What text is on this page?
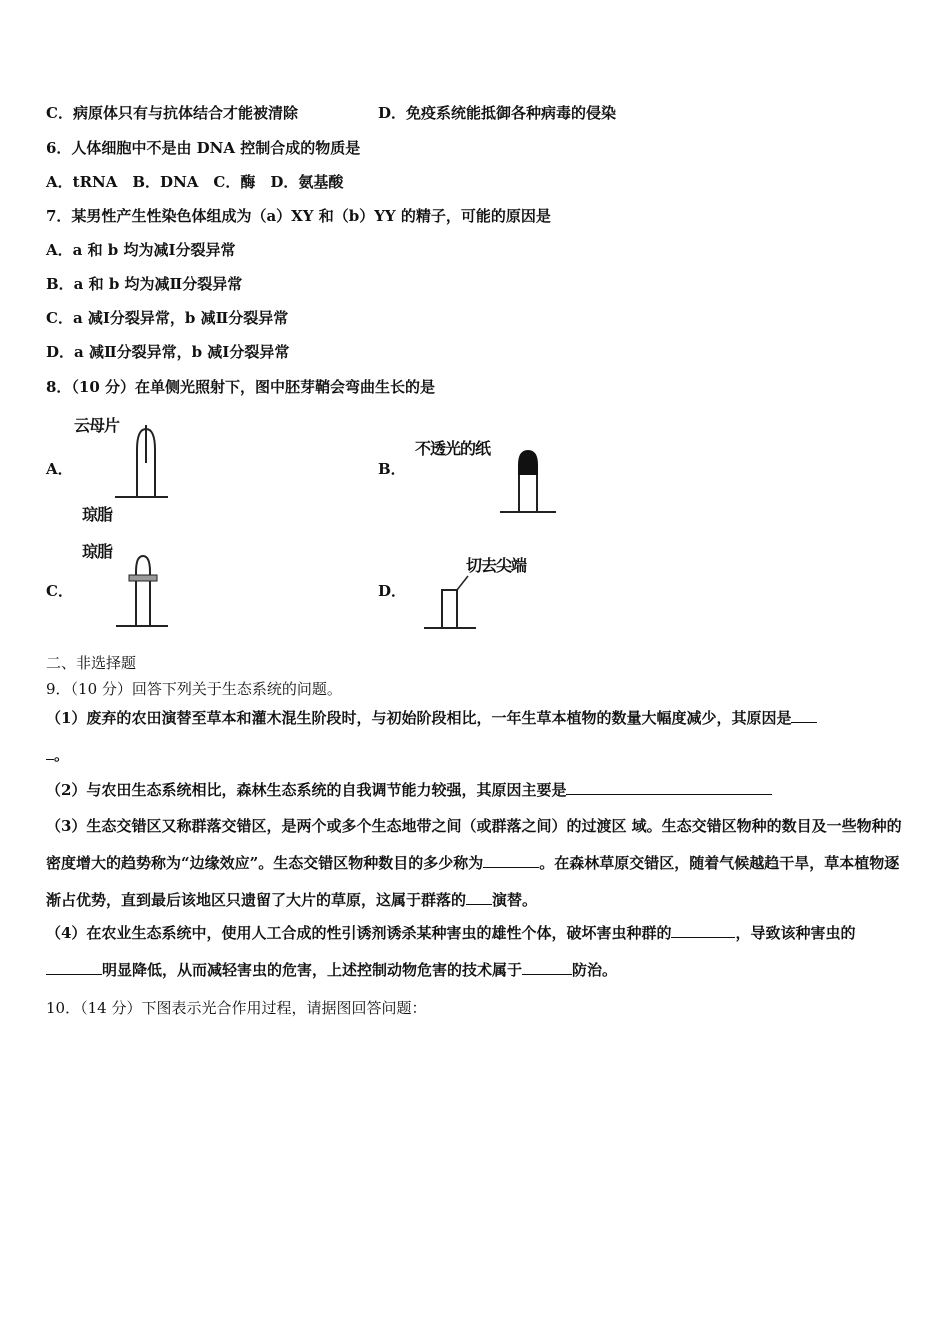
C．病原体只有与抗体结合才能被清除	D．免疫系统能抵御各种病毒的侵染
6．人体细胞中不是由 DNA 控制合成的物质是
A．tRNA　B．DNA　C．酶　D．氨基酸
7．某男性产生性染色体组成为（a）XY 和（b）YY 的精子，可能的原因是
A．a 和 b 均为减Ⅰ分裂异常
B．a 和 b 均为减Ⅱ分裂异常
C．a 减Ⅰ分裂异常，b 减Ⅱ分裂异常
D．a 减Ⅱ分裂异常，b 减Ⅰ分裂异常
8．（10 分）在单侧光照射下，图中胚芽鞘会弯曲生长的是
A．
云母片
琼脂
B．
不透光的纸
C．
琼脂
D．
切去尖端
二、非选择题
9．（10 分）回答下列关于生态系统的问题。
（1）废弃的农田演替至草本和灌木混生阶段时，与初始阶段相比，一年生草本植物的数量大幅度减少，其原因是
。
（2）与农田生态系统相比，森林生态系统的自我调节能力较强，其原因主要是
（3）生态交错区又称群落交错区，是两个或多个生态地带之间（或群落之间）的过渡区 域。生态交错区物种的数目及一些物种的密度增大的趋势称为“边缘效应”。生态交错区物种数目的多少称为	。在森林草原交错区，随着气候越趋干旱，草本植物逐渐占优势，直到最后该地区只遗留了大片的草原，这属于群落的 演替。
（4）在农业生态系统中，使用人工合成的性引诱剂诱杀某种害虫的雄性个体，破坏害虫种群的	，导致该种害虫的明显降低，从而减轻害虫的危害，上述控制动物危害的技术属于	防治。
10．（14 分）下图表示光合作用过程，请据图回答问题：
